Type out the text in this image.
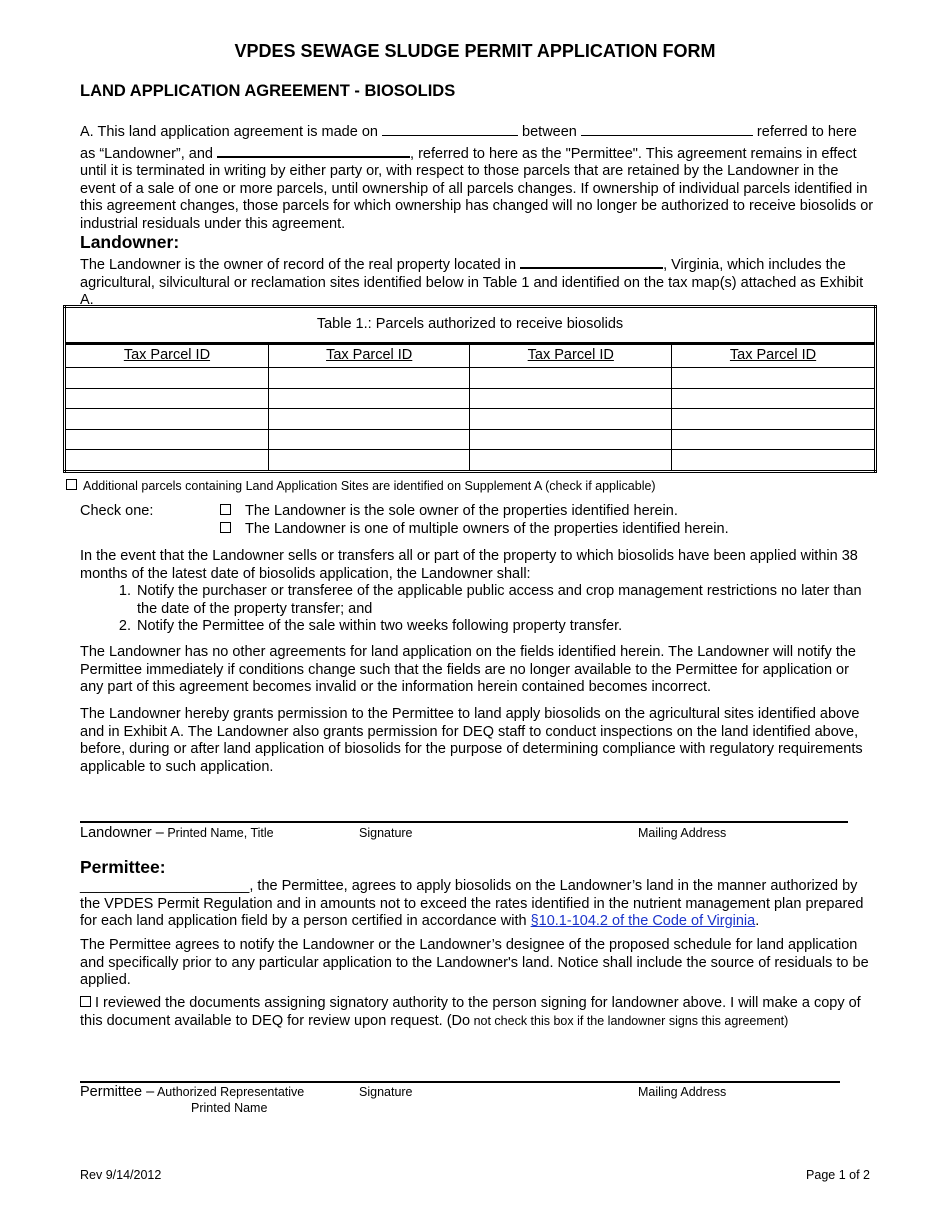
VPDES SEWAGE SLUDGE PERMIT APPLICATION FORM
LAND APPLICATION AGREEMENT - BIOSOLIDS
A. This land application agreement is made on	between	referred to here as “Landowner”, and	, referred to here as the "Permittee". This agreement remains in effect until it is terminated in writing by either party or, with respect to those parcels that are retained by the Landowner in the event of a sale of one or more parcels, until ownership of all parcels changes. If ownership of individual parcels identified in this agreement changes, those parcels for which ownership has changed will no longer be authorized to receive biosolids or industrial residuals under this agreement.
Landowner:
The Landowner is the owner of record of the real property located in	, Virginia, which includes the agricultural, silvicultural or reclamation sites identified below in Table 1 and identified on the tax map(s) attached as Exhibit A.
Table 1.: Parcels authorized to receive biosolids			
Tax Parcel ID	Tax Parcel ID	Tax Parcel ID	Tax Parcel ID

Additional parcels containing Land Application Sites are identified on Supplement A (check if applicable)
Check one:	The Landowner is the sole owner of the properties identified herein.
The Landowner is one of multiple owners of the properties identified herein.
In the event that the Landowner sells or transfers all or part of the property to which biosolids have been applied within 38 months of the latest date of biosolids application, the Landowner shall:
1. Notify the purchaser or transferee of the applicable public access and crop management restrictions no later than the date of the property transfer; and
2. Notify the Permittee of the sale within two weeks following property transfer.
The Landowner has no other agreements for land application on the fields identified herein. The Landowner will notify the Permittee immediately if conditions change such that the fields are no longer available to the Permittee for application or any part of this agreement becomes invalid or the information herein contained becomes incorrect.
The Landowner hereby grants permission to the Permittee to land apply biosolids on the agricultural sites identified above and in Exhibit A. The Landowner also grants permission for DEQ staff to conduct inspections on the land identified above, before, during or after land application of biosolids for the purpose of determining compliance with regulatory requirements applicable to such application.
Landowner – Printed Name, Title	Signature	Mailing Address
Permittee:
_____________________, the Permittee, agrees to apply biosolids on the Landowner’s land in the manner authorized by the VPDES Permit Regulation and in amounts not to exceed the rates identified in the nutrient management plan prepared for each land application field by a person certified in accordance with §10.1-104.2 of the Code of Virginia.
The Permittee agrees to notify the Landowner or the Landowner’s designee of the proposed schedule for land application and specifically prior to any particular application to the Landowner's land. Notice shall include the source of residuals to be applied.
I reviewed the documents assigning signatory authority to the person signing for landowner above. I will make a copy of this document available to DEQ for review upon request. (Do not check this box if the landowner signs this agreement)
Permittee – Authorized Representative
Printed Name
Signature	Mailing Address
Rev 9/14/2012	Page 1 of 2
